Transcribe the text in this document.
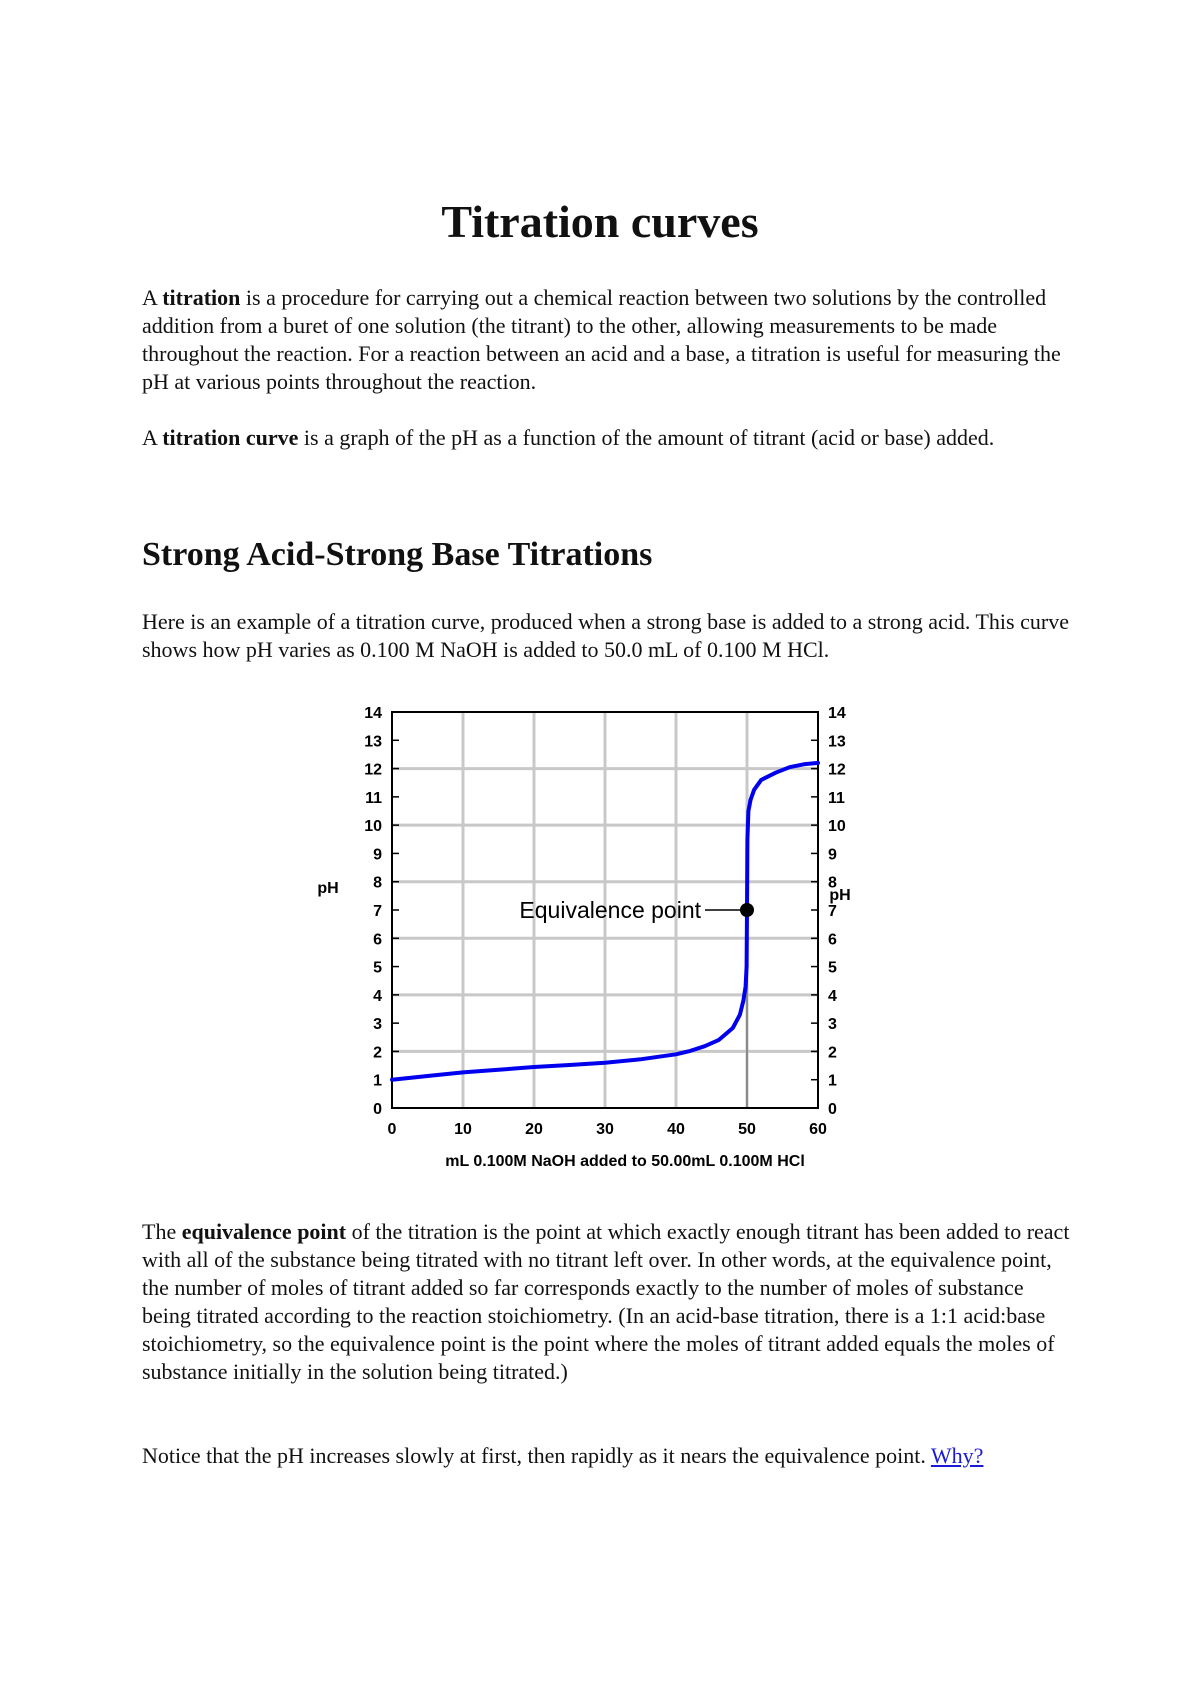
Titration curves

A titration is a procedure for carrying out a chemical reaction between two solutions by the controlled addition from a buret of one solution (the titrant) to the other, allowing measurements to be made throughout the reaction. For a reaction between an acid and a base, a titration is useful for measuring the pH at various points throughout the reaction.

A titration curve is a graph of the pH as a function of the amount of titrant (acid or base) added.

Strong Acid-Strong Base Titrations

Here is an example of a titration curve, produced when a strong base is added to a strong acid. This curve shows how pH varies as 0.100 M NaOH is added to 50.0 mL of 0.100 M HCl.

0	0
1	1
2	2
3	3
4	4
5	5
6	6
7	7
8	8
9	9
10	10
11	11
12	12
13	13
14	14
0	10	20	30	40	50	60
pH	pH
mL 0.100M NaOH added to 50.00mL 0.100M HCl
Equivalence point

The equivalence point of the titration is the point at which exactly enough titrant has been added to react with all of the substance being titrated with no titrant left over. In other words, at the equivalence point, the number of moles of titrant added so far corresponds exactly to the number of moles of substance being titrated according to the reaction stoichiometry. (In an acid-base titration, there is a 1:1 acid:base stoichiometry, so the equivalence point is the point where the moles of titrant added equals the moles of substance initially in the solution being titrated.)

Notice that the pH increases slowly at first, then rapidly as it nears the equivalence point. Why?
